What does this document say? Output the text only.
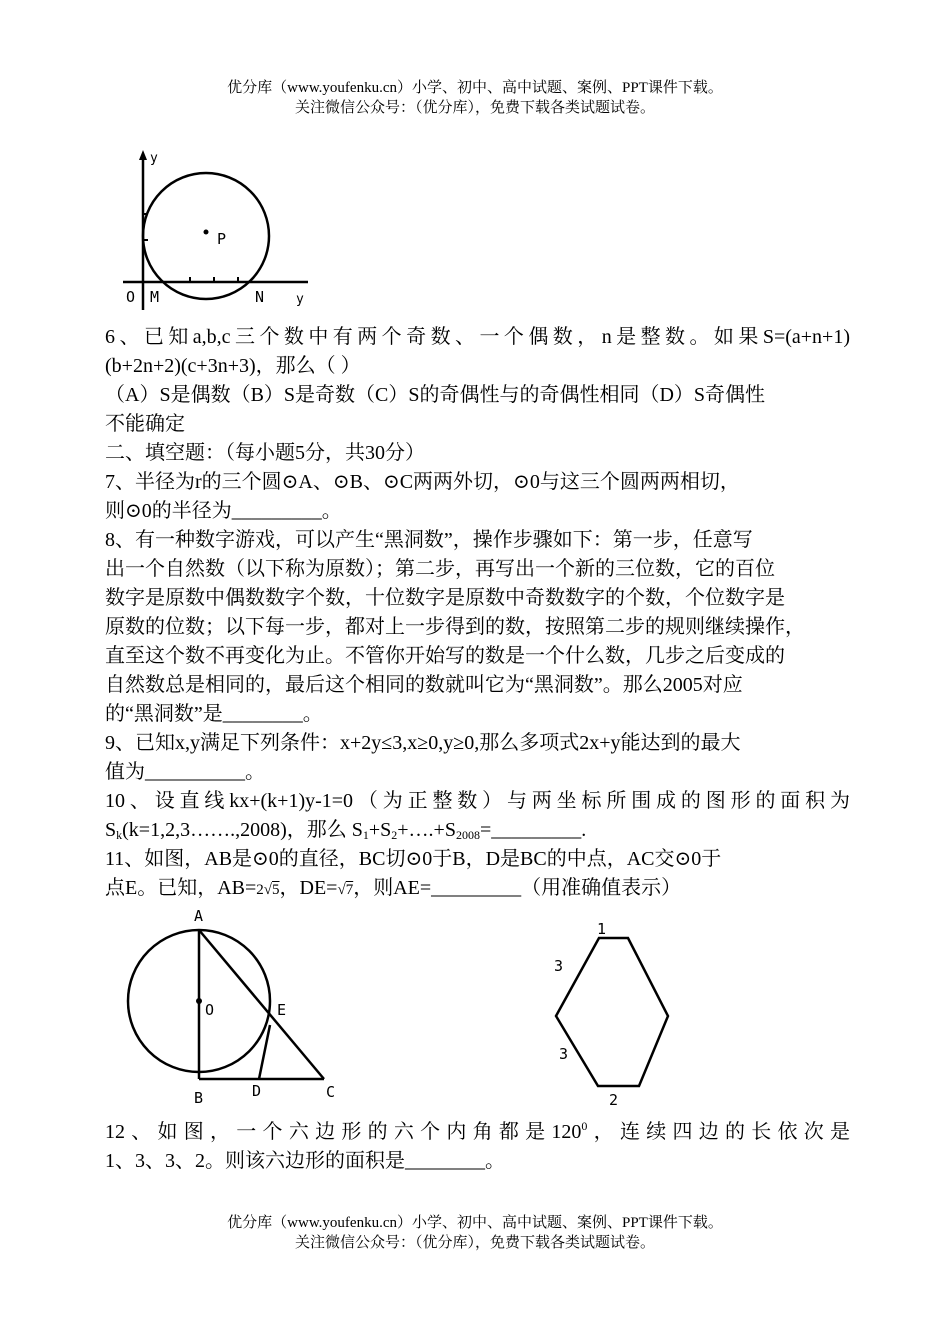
优分库（www.youfenku.cn）小学、初中、高中试题、案例、PPT课件下载。
关注微信公众号：（优分库），免费下载各类试题试卷。
y
P
O M	N y
6、已知a,b,c三个数中有两个奇数、一个偶数，n是整数。如果S=(a+n+1)
(b+2n+2)(c+3n+3)，那么（ ）
（A）S是偶数（B）S是奇数（C）S的奇偶性与的奇偶性相同（D）S奇偶性
不能确定
二、填空题：（每小题5分，共30分）
7、半径为r的三个圆⊙A、⊙B、⊙C两两外切，⊙0与这三个圆两两相切，
则⊙0的半径为_________。
8、有一种数字游戏，可以产生“黑洞数”，操作步骤如下：第一步，任意写
出一个自然数（以下称为原数）；第二步，再写出一个新的三位数，它的百位
数字是原数中偶数数字个数，十位数字是原数中奇数数字的个数，个位数字是
原数的位数；以下每一步，都对上一步得到的数，按照第二步的规则继续操作，
直至这个数不再变化为止。不管你开始写的数是一个什么数，几步之后变成的
自然数总是相同的，最后这个相同的数就叫它为“黑洞数”。那么2005对应
的“黑洞数”是________。
9、已知x,y满足下列条件：x+2y≤3,x≥0,y≥0,那么多项式2x+y能达到的最大
值为__________。
10、设直线kx+(k+1)y-1=0（为正整数）与两坐标所围成的图形的面积为
$S_k(k=1,2,3\dots\dots.,2008)$，那么 $S_1+S_2+\dots.+S_{2008}=\_\_\_\_\_\_\_\_\_$.
11、如图，AB是⊙0的直径，BC切⊙0于B，D是BC的中点，AC交⊙0于
点E。已知，AB=2√5，DE=√7，则AE=_________（用准确值表示）
A
O	E
B	D	C
1
3
3
2
12、如图，一个六边形的六个内角都是$120^0$，连续四边的长依次是
1、3、3、2。则该六边形的面积是________。
优分库（www.youfenku.cn）小学、初中、高中试题、案例、PPT课件下载。
关注微信公众号：（优分库），免费下载各类试题试卷。
